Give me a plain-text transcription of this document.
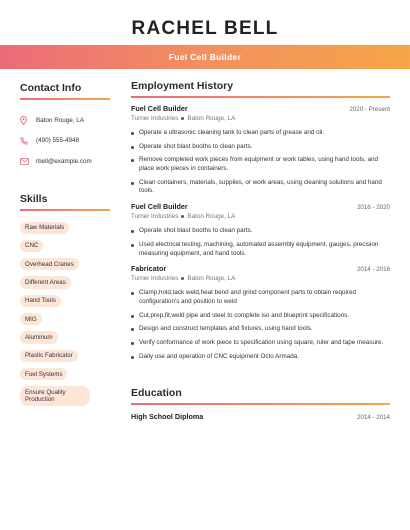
RACHEL BELL
Fuel Cell Builder
Contact Info
Baton Rouge, LA
(490) 555-4948
rbell@example.com
Skills
Raw Materials
CNC
Overhead Cranes
Different Areas
Hand Tools
MIG
Aluminum
Plastic Fabricator
Fuel Systems
Ensure Quality Production
Employment History
Fuel Cell Builder	2020 - Present
Turner Industries Baton Rouge, LA
Operate a ultrasonic cleaning tank to clean parts of grease and oil.
Operate shot blast booths to clean parts.
Remove completed work pieces from equipment or work tables, using hand tools, and place work pieces in containers.
Clean containers, materials, supplies, or work areas, using cleaning solutions and hand tools.
Fuel Cell Builder	2016 - 2020
Turner Industries Baton Rouge, LA
Operate shot blast booths to clean parts.
Used electrical testing, machining, automated assembly equipment, gauges, precision measuring equipment, and hand tools.
Fabricator	2014 - 2016
Turner Industries Baton Rouge, LA
Clamp,hold,tack weld,heat bend and grind component parts to obtain required configuration's and position to weld
Cut,prep,fit,weld pipe and steel to complete iso and blueprint specifications.
Design and construct templates and fixtures, using hand tools.
Verify conformance of work piece to specification using square, ruler and tape measure.
Daily use and operation of CNC equipment Octo Armada.
Education
High School Diploma	2014 - 2014
